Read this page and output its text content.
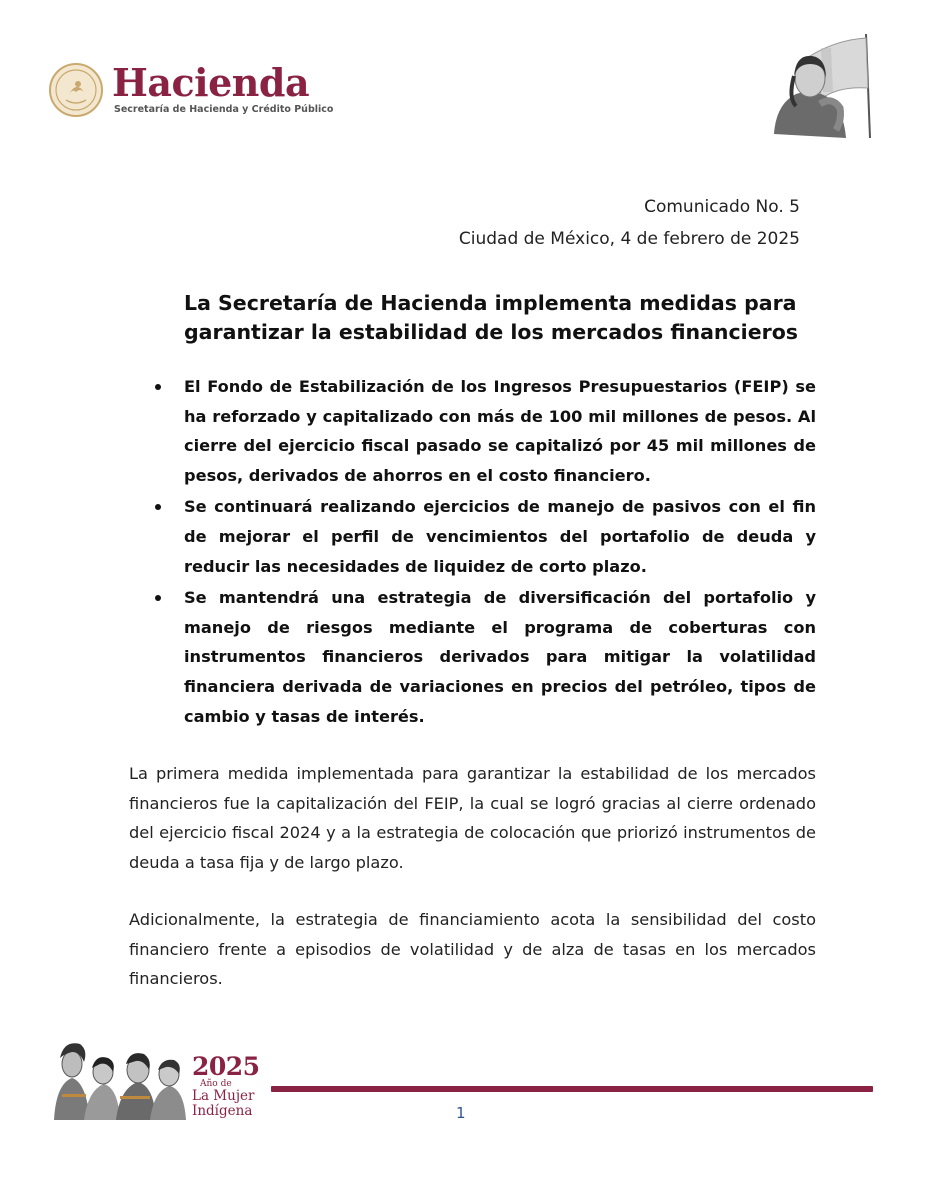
Hacienda
Secretaría de Hacienda y Crédito Público
Comunicado No. 5
Ciudad de México, 4 de febrero de 2025
La Secretaría de Hacienda implementa medidas para garantizar la estabilidad de los mercados financieros
El Fondo de Estabilización de los Ingresos Presupuestarios (FEIP) se ha reforzado y capitalizado con más de 100 mil millones de pesos. Al cierre del ejercicio fiscal pasado se capitalizó por 45 mil millones de pesos, derivados de ahorros en el costo financiero.
Se continuará realizando ejercicios de manejo de pasivos con el fin de mejorar el perfil de vencimientos del portafolio de deuda y reducir las necesidades de liquidez de corto plazo.
Se mantendrá una estrategia de diversificación del portafolio y manejo de riesgos mediante el programa de coberturas con instrumentos financieros derivados para mitigar la volatilidad financiera derivada de variaciones en precios del petróleo, tipos de cambio y tasas de interés.

La primera medida implementada para garantizar la estabilidad de los mercados financieros fue la capitalización del FEIP, la cual se logró gracias al cierre ordenado del ejercicio fiscal 2024 y a la estrategia de colocación que priorizó instrumentos de deuda a tasa fija y de largo plazo.

Adicionalmente, la estrategia de financiamiento acota la sensibilidad del costo financiero frente a episodios de volatilidad y de alza de tasas en los mercados financieros.

2025
Año de
La Mujer
Indígena	1
